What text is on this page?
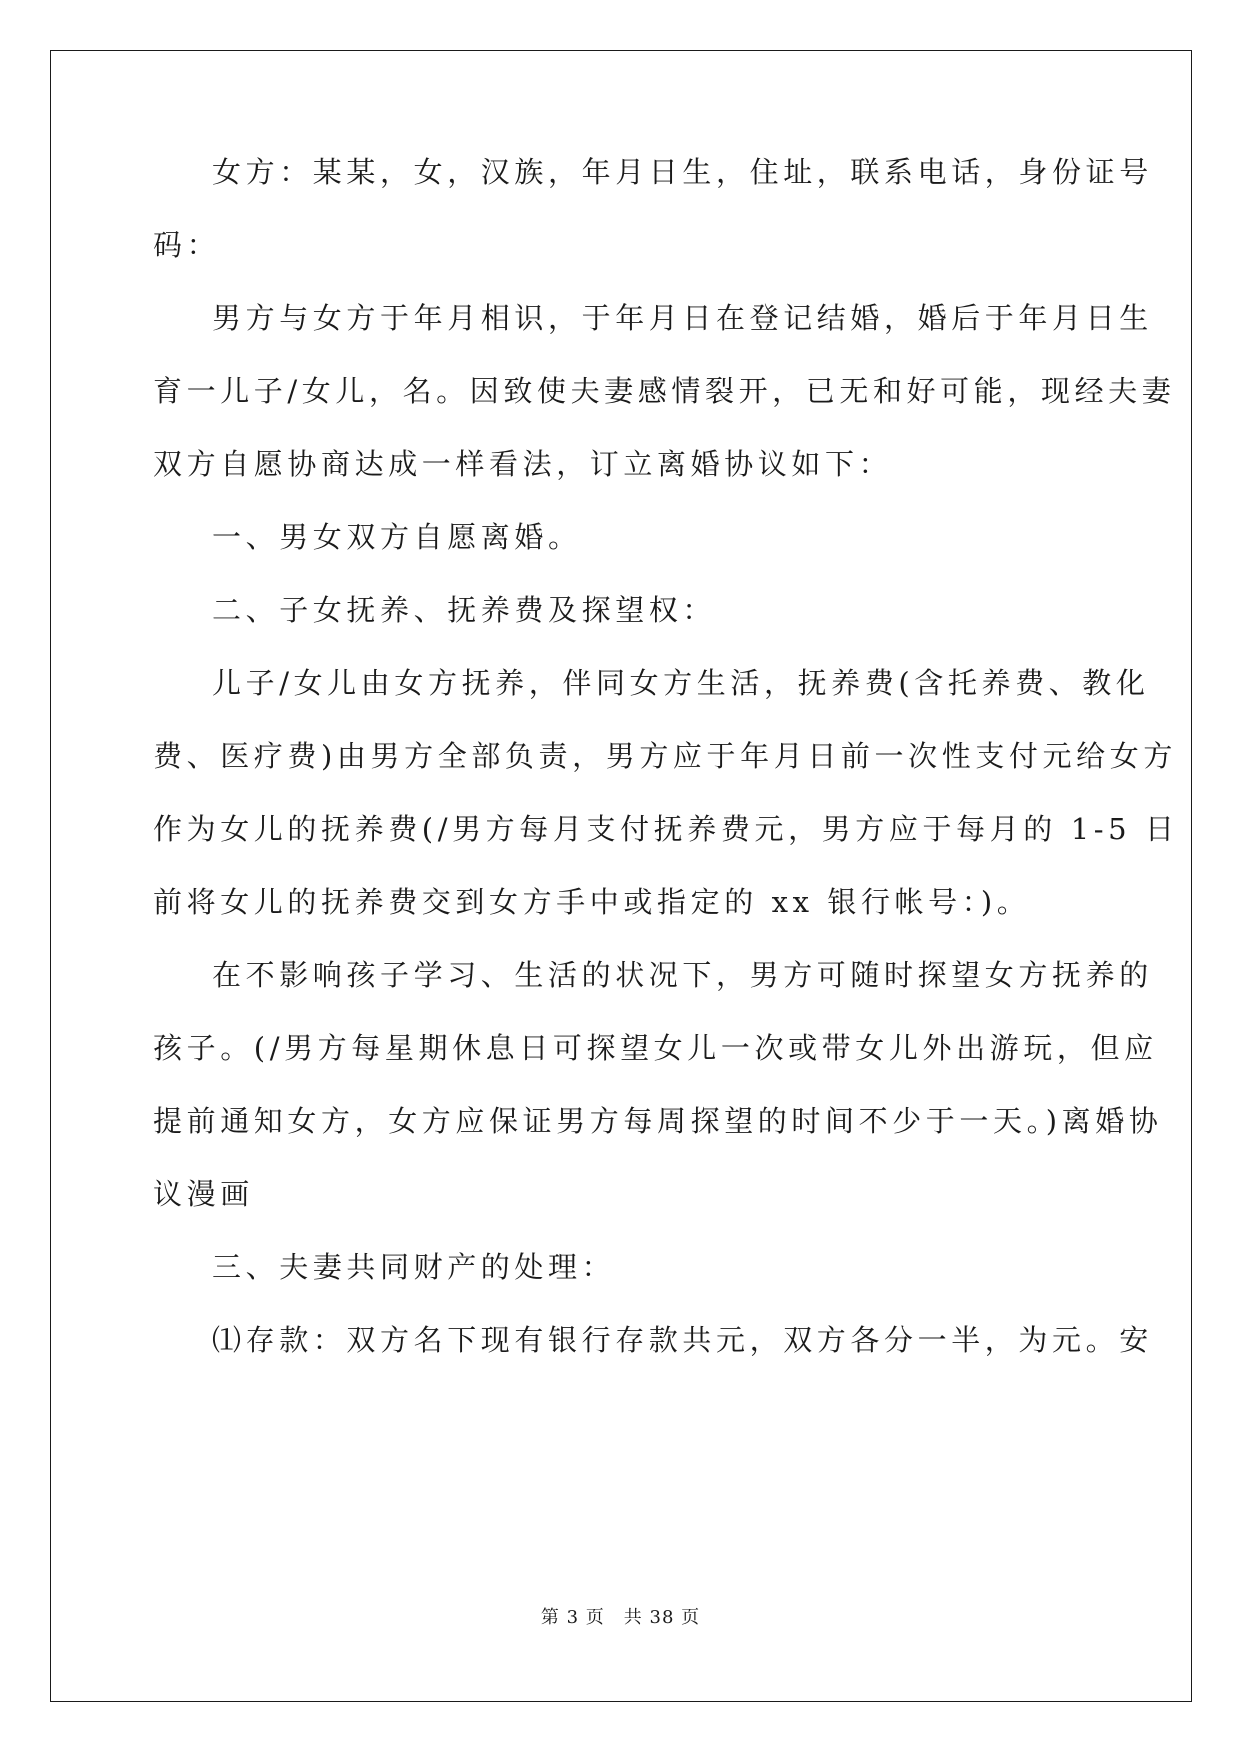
女方：某某，女，汉族，年月日生，住址，联系电话，身份证号
码：
男方与女方于年月相识，于年月日在登记结婚，婚后于年月日生
育一儿子/女儿，名。因致使夫妻感情裂开，已无和好可能，现经夫妻
双方自愿协商达成一样看法，订立离婚协议如下：
一、男女双方自愿离婚。
二、子女抚养、抚养费及探望权：
儿子/女儿由女方抚养，伴同女方生活，抚养费(含托养费、教化
费、医疗费)由男方全部负责，男方应于年月日前一次性支付元给女方
作为女儿的抚养费(/男方每月支付抚养费元，男方应于每月的 1-5 日
前将女儿的抚养费交到女方手中或指定的 xx 银行帐号：)。
在不影响孩子学习、生活的状况下，男方可随时探望女方抚养的
孩子。(/男方每星期休息日可探望女儿一次或带女儿外出游玩，但应
提前通知女方，女方应保证男方每周探望的时间不少于一天。)离婚协
议漫画
三、夫妻共同财产的处理：
⑴存款：双方名下现有银行存款共元，双方各分一半，为元。安
第 3 页　共 38 页
